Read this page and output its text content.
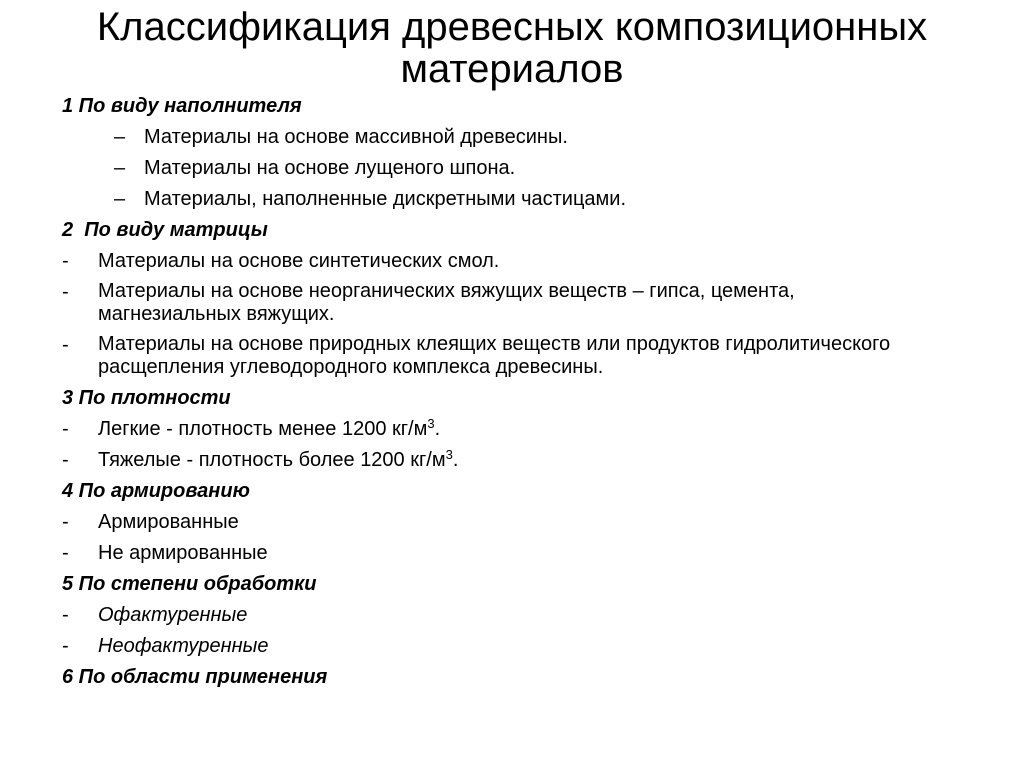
Классификация древесных композиционных
материалов
1 По виду наполнителя
– Материалы на основе массивной древесины.
– Материалы на основе лущеного шпона.
– Материалы, наполненные дискретными частицами.
2  По виду матрицы
-	Материалы на основе синтетических смол.
-	Материалы на основе неорганических вяжущих веществ – гипса, цемента, магнезиальных вяжущих.
-	Материалы на основе природных клеящих веществ или продуктов гидролитического расщепления углеводородного комплекса древесины.
3 По плотности
-	Легкие - плотность менее 1200 $кг/м^3$.
-	Тяжелые - плотность более 1200 $кг/м^3$.
4 По армированию
-	Армированные
-	Не армированные
5 По степени обработки
-	Офактуренные
-	Неофактуренные
6 По области применения
